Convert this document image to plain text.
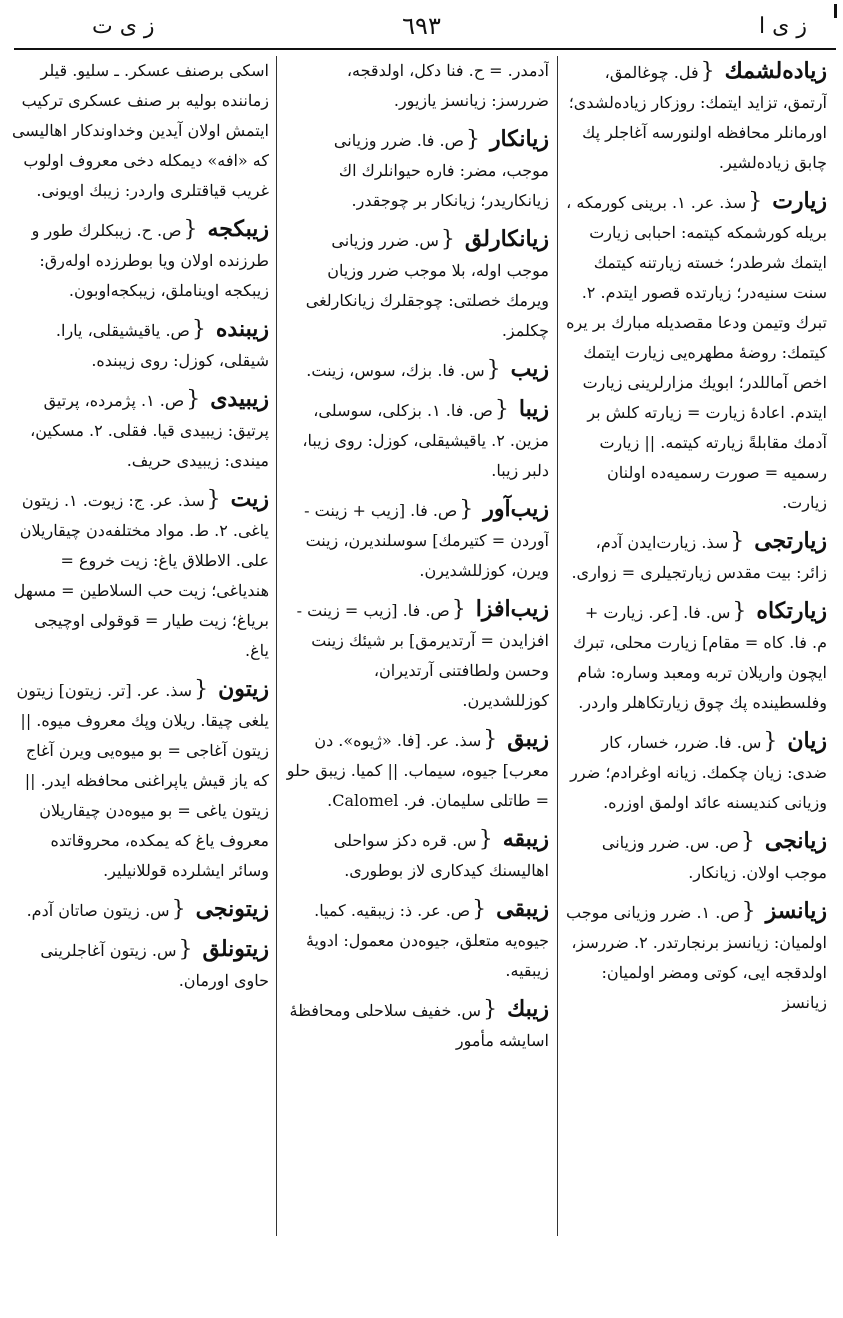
ز ى ا
٦٩٣
ز ى ت
زياده‌لشمك{فل. چوغالمق، آرتمق، تزايد ايتمك: روزكار زياده‌لشدى؛ اورمانلر محافظه اولنورسه آغاجلر پك چابق زياده‌لشير.
زيارت{سذ. عر. ١. برينى كورمكه ، بريله كورشمكه كيتمه: احبابى زيارت ايتمك شرطدر؛ خسته زيارتنه كيتمك سنت سنيه‌در؛ زيارتده قصور ايتدم. ٢. تبرك وتيمن ودعا مقصديله مبارك بر يره كيتمك: روضهٔ مطهره‌يى زيارت ايتمك اخص آماللدر؛ ابويك مزارلرينى زيارت ايتدم. اعادهٔ زيارت = زيارته كلش بر آدمك مقابلةً زيارته كيتمه. || زيارت رسميه = صورت رسميه‌ده اولنان زيارت.
زيارتجى{سذ. زيارت‌ايدن آدم، زائر: بيت مقدس زيارتجيلرى = زوارى.
زيارتكاه{س. فا. [عر. زيارت + م. فا. كاه = مقام] زيارت محلى، تبرك ايچون واريلان تربه ومعبد وساره: شام وفلسطينده پك چوق زيارتكاهلر واردر.
زيان{س. فا. ضرر، خسار، كار ضدى: زيان چكمك. زيانه اوغرادم؛ ضرر وزيانى كنديسنه عائد اولمق اوزره.
زيانجى{ص. س. ضرر وزيانى موجب اولان. زيانكار.
زيانسز{ص. ١. ضرر وزيانى موجب اولميان: زيانسز برنجارتدر. ٢. ضررسز، اولدقجه ايى، كوتى ومضر اولميان: زيانسز
آدمدر. = ح. فنا دكل، اولدقجه، ضررسز: زيانسز يازيور.
زيانكار{ص. فا. ضرر وزيانى موجب، مضر: فاره حيوانلرك اك زيانكاريدر؛ زيانكار بر چوجقدر.
زيانكارلق{س. ضرر وزيانى موجب اوله، بلا موجب ضرر وزيان ويرمك خصلتى: چوجقلرك زيانكارلغى چكلمز.
زيب{س. فا. بزك، سوس، زينت.
زيبا{ص. فا. ١. بزكلى، سوسلى، مزين. ٢. ياقيشيقلى، كوزل: روى زيبا، دلبر زيبا.
زيب‌آور{ص. فا. [زيب + زينت - آوردن = كتيرمك] سوسلنديرن، زينت ويرن، كوزللشديرن.
زيب‌افزا{ص. فا. [زيب = زينت - افزايدن = آرتديرمق] بر شيئك زينت وحسن ولطافتنى آرتديران، كوزللشديرن.
زيبق{سذ. عر. [فا. «ژيوه». دن معرب] جيوه، سيماب. || كميا. زيبق حلو = طاتلى سليمان. فر. Calomel.
زيبقه{س. قره دكز سواحلى اهاليسنك كيدكارى لاز بوطورى.
زيبقى{ص. عر. ذ: زيبقيه. كميا. جيوه‌يه متعلق، جيوه‌دن معمول: ادويهٔ زيبقيه.
زيبك{س. خفيف سلاحلى ومحافظهٔ اسايشه مأمور
اسكى برصنف عسكر. ـ سليو. قيلر زماننده بوليه بر صنف عسكرى تركيب ايتمش اولان آيدين وخداوندكار اهاليسى كه «افه» ديمكله دخى معروف اولوب غريب قياقتلرى واردر: زيبك اويونى.
زيبكجه{ص. ح. زيبكلرك طور و طرزنده اولان ويا بوطرزده اوله‌رق: زيبكجه اويناملق، زيبكجه‌اوبون.
زيبنده{ص. ياقيشيقلى، يارا. شيقلى، كوزل: روى زيبنده.
زيبيدى{ص. ١. پژمرده، پرتيق پرتيق: زيبيدى قيا. فقلى. ٢. مسكين، ميندى: زيبيدى حريف.
زيت{سذ. عر. ج: زيوت. ١. زيتون ياغى. ٢. ط. مواد مختلفه‌دن چيقاريلان على. الاطلاق ياغ: زيت خروع = هندياغى؛ زيت حب السلاطين = مسهل برياغ؛ زيت طيار = قوقولى اوچيجى ياغ.
زيتون{سذ. عر. [تر. زيتون] زيتون يلغى چيقا. ريلان وپك معروف ميوه. || زيتون آغاجى = بو ميوه‌يى ويرن آغاج كه ياز قيش ياپراغنى محافظه ايدر. || زيتون ياغى = بو ميوه‌دن چيقاريلان معروف ياغ كه يمكده، محروقاتده وسائر ايشلرده قوللانيلير.
زيتونجى{س. زيتون صاتان آدم.
زيتونلق{س. زيتون آغاجلرينى حاوى اورمان.
